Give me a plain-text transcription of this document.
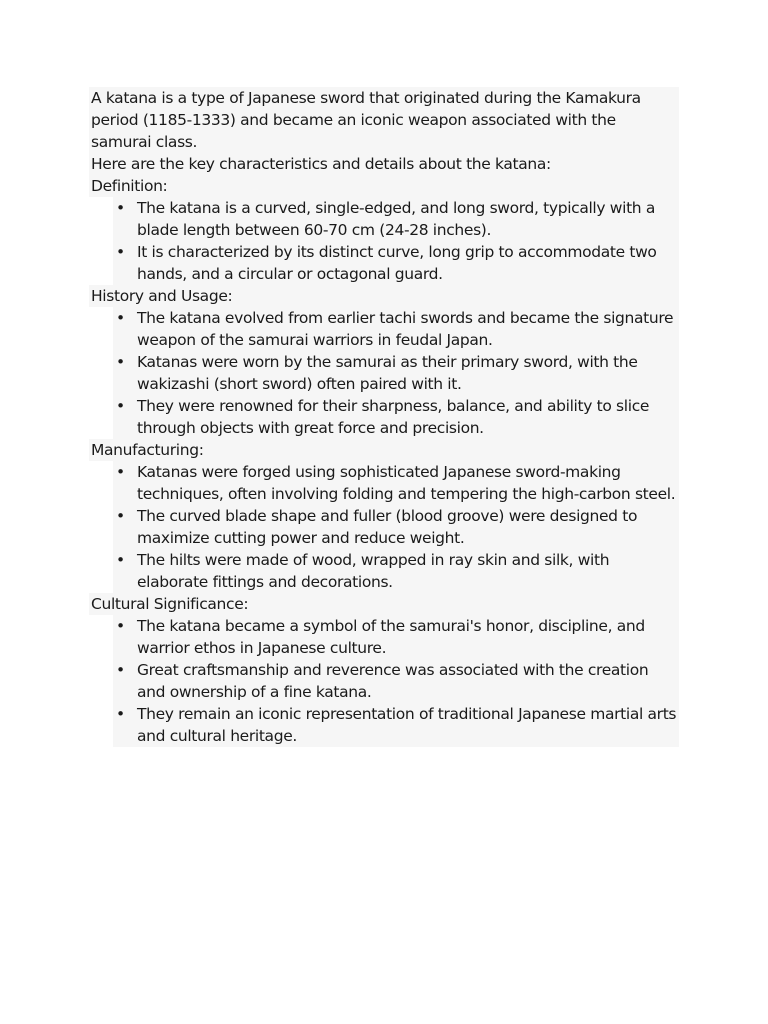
A katana is a type of Japanese sword that originated during the Kamakura period (1185-1333) and became an iconic weapon associated with the samurai class.

Here are the key characteristics and details about the katana:

Definition:
• The katana is a curved, single-edged, and long sword, typically with a blade length between 60-70 cm (24-28 inches).
• It is characterized by its distinct curve, long grip to accommodate two hands, and a circular or octagonal guard.
History and Usage:
• The katana evolved from earlier tachi swords and became the signature weapon of the samurai warriors in feudal Japan.
• Katanas were worn by the samurai as their primary sword, with the wakizashi (short sword) often paired with it.
• They were renowned for their sharpness, balance, and ability to slice through objects with great force and precision.
Manufacturing:
• Katanas were forged using sophisticated Japanese sword-making techniques, often involving folding and tempering the high-carbon steel.
• The curved blade shape and fuller (blood groove) were designed to maximize cutting power and reduce weight.
• The hilts were made of wood, wrapped in ray skin and silk, with elaborate fittings and decorations.
Cultural Significance:
• The katana became a symbol of the samurai's honor, discipline, and warrior ethos in Japanese culture.
• Great craftsmanship and reverence was associated with the creation and ownership of a fine katana.
• They remain an iconic representation of traditional Japanese martial arts and cultural heritage.
